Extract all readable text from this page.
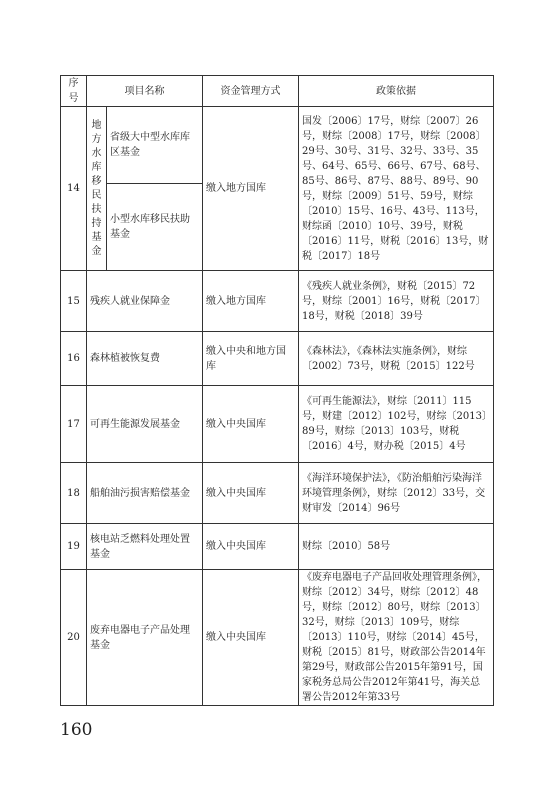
序号	项目名称		资金管理方式	政策依据
14	地方水库移民扶持基金	省级大中型水库库区基金	缴入地方国库	国发〔2006〕17号，财综〔2007〕26号，财综〔2008〕17号，财综〔2008〕29号、30号、31号、32号、33号、35号、64号、65号、66号、67号、68号、85号、86号、87号、88号、89号、90号，财综〔2009〕51号、59号，财综〔2010〕15号、16号、43号、113号，财综函〔2010〕10号、39号，财税〔2016〕11号，财税〔2016〕13号，财税〔2017〕18号
		小型水库移民扶助基金		
15	残疾人就业保障金		缴入地方国库	《残疾人就业条例》，财税〔2015〕72号，财综〔2001〕16号，财税〔2017〕18号，财税〔2018〕39号
16	森林植被恢复费		缴入中央和地方国库	《森林法》，《森林法实施条例》，财综〔2002〕73号，财税〔2015〕122号
17	可再生能源发展基金		缴入中央国库	《可再生能源法》，财综〔2011〕115号，财建〔2012〕102号，财综〔2013〕89号，财综〔2013〕103号，财税〔2016〕4号，财办税〔2015〕4号
18	船舶油污损害赔偿基金		缴入中央国库	《海洋环境保护法》，《防治船舶污染海洋环境管理条例》，财综〔2012〕33号，交财审发〔2014〕96号
19	核电站乏燃料处理处置基金		缴入中央国库	财综〔2010〕58号
20	废弃电器电子产品处理基金		缴入中央国库	《废弃电器电子产品回收处理管理条例》，财综〔2012〕34号，财综〔2012〕48号，财综〔2012〕80号，财综〔2013〕32号，财综〔2013〕109号，财综〔2013〕110号，财综〔2014〕45号，财税〔2015〕81号，财政部公告2014年第29号，财政部公告2015年第91号，国家税务总局公告2012年第41号，海关总署公告2012年第33号
160
